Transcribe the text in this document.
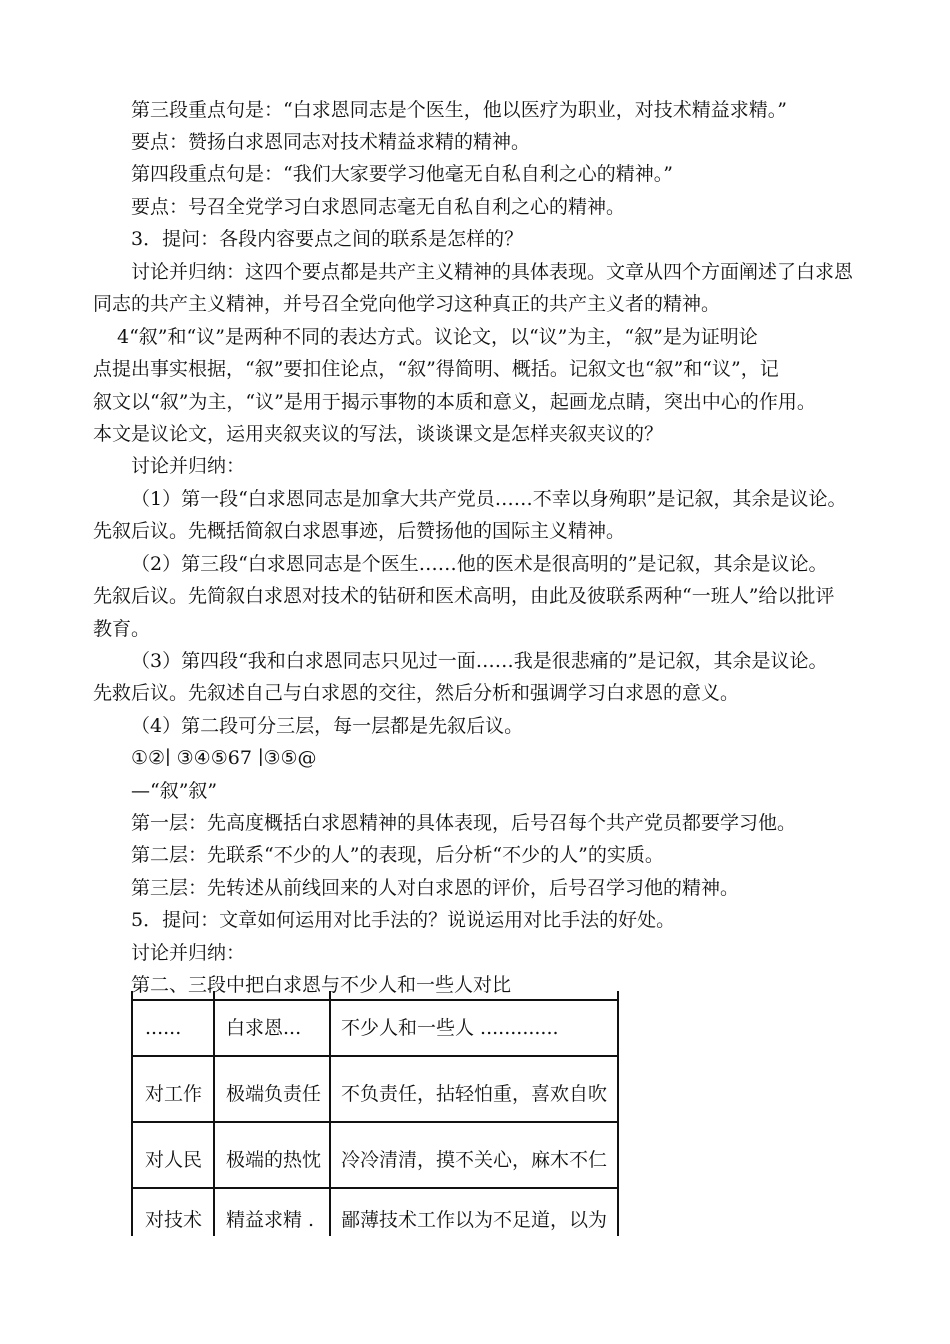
第三段重点句是：“白求恩同志是个医生，他以医疗为职业，对技术精益求精。”
要点：赞扬白求恩同志对技术精益求精的精神。
第四段重点句是：“我们大家要学习他毫无自私自利之心的精神。”
要点：号召全党学习白求恩同志毫无自私自利之心的精神。
3．提问：各段内容要点之间的联系是怎样的？
讨论并归纳：这四个要点都是共产主义精神的具体表现。文章从四个方面阐述了白求恩
同志的共产主义精神，并号召全党向他学习这种真正的共产主义者的精神。
4“叙”和“议”是两种不同的表达方式。议论文，以“议”为主，“叙”是为证明论
点提出事实根据，“叙”要扣住论点，“叙”得简明、概括。记叙文也“叙”和“议”，记
叙文以“叙”为主，“议”是用于揭示事物的本质和意义，起画龙点睛，突出中心的作用。
本文是议论文，运用夹叙夹议的写法，谈谈课文是怎样夹叙夹议的？
讨论并归纳：
（1）第一段“白求恩同志是加拿大共产党员……不幸以身殉职”是记叙，其余是议论。
先叙后议。先概括简叙白求恩事迹，后赞扬他的国际主义精神。
（2）第三段“白求恩同志是个医生……他的医术是很高明的”是记叙，其余是议论。
先叙后议。先简叙白求恩对技术的钻研和医术高明，由此及彼联系两种“一班人”给以批评
教育。
（3）第四段“我和白求恩同志只见过一面……我是很悲痛的”是记叙，其余是议论。
先救后议。先叙述自己与白求恩的交往，然后分析和强调学习白求恩的意义。
（4）第二段可分三层，每一层都是先叙后议。
①②∣ ③④⑤67 ∣③⑤@
—“叙”叙”
第一层：先高度概括白求恩精神的具体表现，后号召每个共产党员都要学习他。
第二层：先联系“不少的人”的表现，后分析“不少的人”的实质。
第三层：先转述从前线回来的人对白求恩的评价，后号召学习他的精神。
5．提问：文章如何运用对比手法的？说说运用对比手法的好处。
讨论并归纳：
第二、三段中把白求恩与不少人和一些人对比
...... 白求恩... 不少人和一些人 .............
对工作 极端负责任 不负责任，拈轻怕重，喜欢自吹
对人民 极端的热忱 冷冷清清，摸不关心，麻木不仁
对技术 精益求精 . 鄙薄技术工作以为不足道，以为
